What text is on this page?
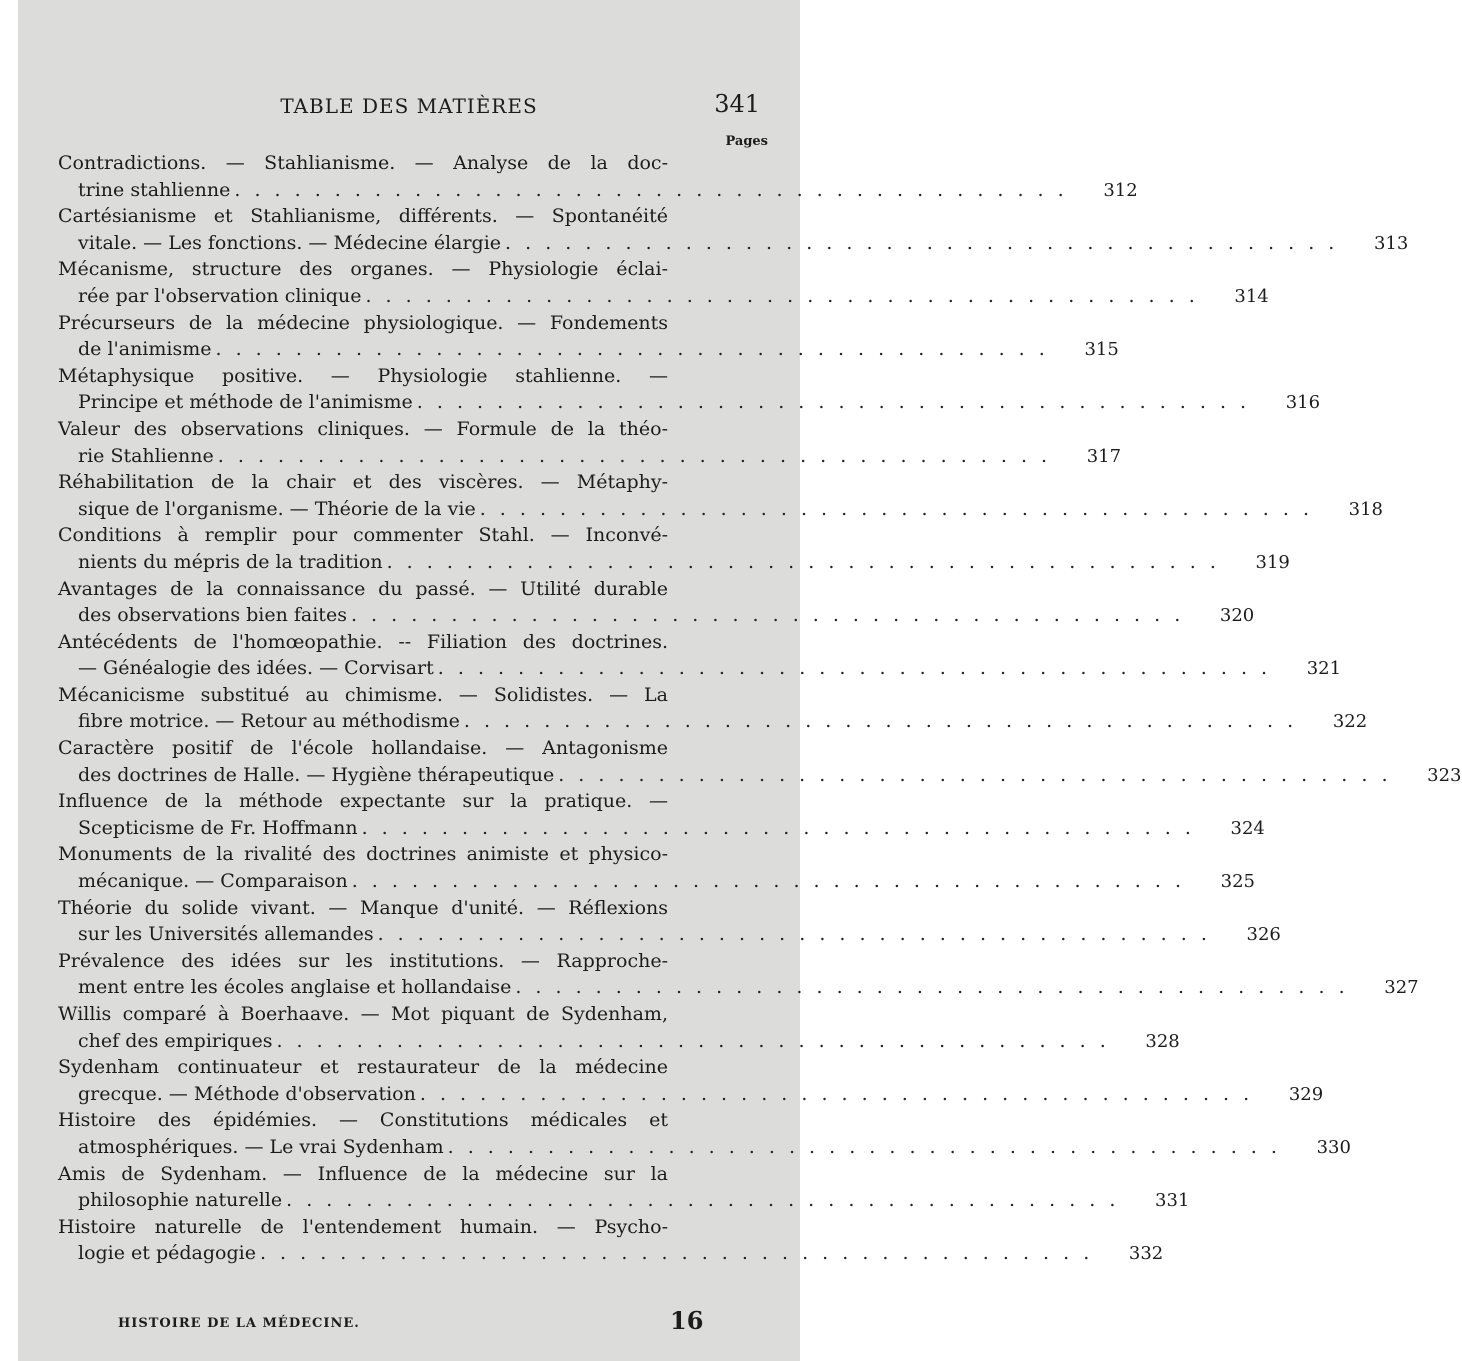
TABLE DES MATIÈRES	341
Pages
Contradictions. — Stahlianisme. — Analyse de la doc-
trine stahlienne . . . . . . . . . . . . . . . . . . . . . . . . . . . . . . . . . . . . . . . . . .	312
Cartésianisme et Stahlianisme, différents. — Spontanéité
vitale. — Les fonctions. — Médecine élargie . . . . . . . . . . . . . . . . . . . . . . . . . . . . . . . . . . . . . . . . . .	313
Mécanisme, structure des organes. — Physiologie éclai-
rée par l'observation clinique . . . . . . . . . . . . . . . . . . . . . . . . . . . . . . . . . . . . . . . . . .	314
Précurseurs de la médecine physiologique. — Fondements
de l'animisme . . . . . . . . . . . . . . . . . . . . . . . . . . . . . . . . . . . . . . . . . .	315
Métaphysique positive. — Physiologie stahlienne. —
Principe et méthode de l'animisme . . . . . . . . . . . . . . . . . . . . . . . . . . . . . . . . . . . . . . . . . .	316
Valeur des observations cliniques. — Formule de la théo-
rie Stahlienne . . . . . . . . . . . . . . . . . . . . . . . . . . . . . . . . . . . . . . . . . .	317
Réhabilitation de la chair et des viscères. — Métaphy-
sique de l'organisme. — Théorie de la vie . . . . . . . . . . . . . . . . . . . . . . . . . . . . . . . . . . . . . . . . . .	318
Conditions à remplir pour commenter Stahl. — Inconvé-
nients du mépris de la tradition . . . . . . . . . . . . . . . . . . . . . . . . . . . . . . . . . . . . . . . . . .	319
Avantages de la connaissance du passé. — Utilité durable
des observations bien faites . . . . . . . . . . . . . . . . . . . . . . . . . . . . . . . . . . . . . . . . . .	320
Antécédents de l'homœopathie. -- Filiation des doctrines.
— Généalogie des idées. — Corvisart . . . . . . . . . . . . . . . . . . . . . . . . . . . . . . . . . . . . . . . . . .	321
Mécanicisme substitué au chimisme. — Solidistes. — La
fibre motrice. — Retour au méthodisme . . . . . . . . . . . . . . . . . . . . . . . . . . . . . . . . . . . . . . . . . .	322
Caractère positif de l'école hollandaise. — Antagonisme
des doctrines de Halle. — Hygiène thérapeutique . . . . . . . . . . . . . . . . . . . . . . . . . . . . . . . . . . . . . . . . . .	323
Influence de la méthode expectante sur la pratique. —
Scepticisme de Fr. Hoffmann . . . . . . . . . . . . . . . . . . . . . . . . . . . . . . . . . . . . . . . . . .	324
Monuments de la rivalité des doctrines animiste et physico-
mécanique. — Comparaison . . . . . . . . . . . . . . . . . . . . . . . . . . . . . . . . . . . . . . . . . .	325
Théorie du solide vivant. — Manque d'unité. — Réflexions
sur les Universités allemandes . . . . . . . . . . . . . . . . . . . . . . . . . . . . . . . . . . . . . . . . . .	326
Prévalence des idées sur les institutions. — Rapproche-
ment entre les écoles anglaise et hollandaise . . . . . . . . . . . . . . . . . . . . . . . . . . . . . . . . . . . . . . . . . .	327
Willis comparé à Boerhaave. — Mot piquant de Sydenham,
chef des empiriques . . . . . . . . . . . . . . . . . . . . . . . . . . . . . . . . . . . . . . . . . .	328
Sydenham continuateur et restaurateur de la médecine
grecque. — Méthode d'observation . . . . . . . . . . . . . . . . . . . . . . . . . . . . . . . . . . . . . . . . . .	329
Histoire des épidémies. — Constitutions médicales et
atmosphériques. — Le vrai Sydenham . . . . . . . . . . . . . . . . . . . . . . . . . . . . . . . . . . . . . . . . . .	330
Amis de Sydenham. — Influence de la médecine sur la
philosophie naturelle . . . . . . . . . . . . . . . . . . . . . . . . . . . . . . . . . . . . . . . . . .	331
Histoire naturelle de l'entendement humain. — Psycho-
logie et pédagogie . . . . . . . . . . . . . . . . . . . . . . . . . . . . . . . . . . . . . . . . . .	332
HISTOIRE DE LA MÉDECINE.	16
